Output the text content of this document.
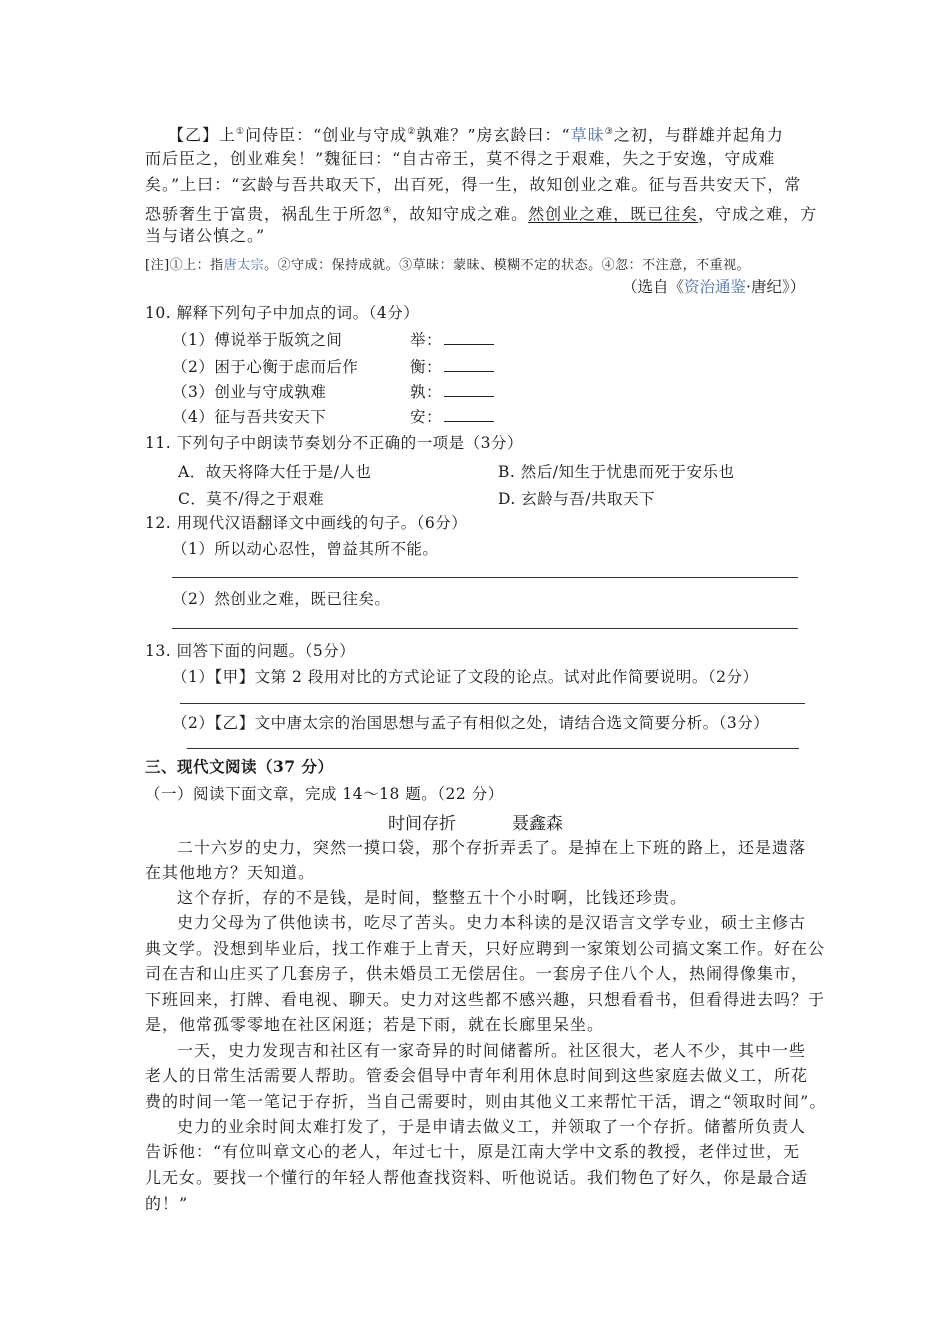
【乙】上①问侍臣：“创业与守成②孰难？”房玄龄曰：“草昧③之初，与群雄并起角力
而后臣之，创业难矣！”魏征曰：“自古帝王，莫不得之于艰难，失之于安逸，守成难
矣。”上曰：“玄龄与吾共取天下，出百死，得一生，故知创业之难。征与吾共安天下，常
恐骄奢生于富贵，祸乱生于所忽④，故知守成之难。然创业之难，既已往矣，守成之难，方
当与诸公慎之。”
[注]①上：指唐太宗。②守成：保持成就。③草昧：蒙昧、模糊不定的状态。④忽：不注意，不重视。
（选自《资治通鉴·唐纪》）
10. 解释下列句子中加点的词。（4分）
（1）傅说举于版筑之间	举：
（2）困于心衡于虑而后作	衡：
（3）创业与守成孰难	孰：
（4）征与吾共安天下	安：
11. 下列句子中朗读节奏划分不正确的一项是（3分）
A．故天将降大任于是/人也	B. 然后/知生于忧患而死于安乐也
C．莫不/得之于艰难	D. 玄龄与吾/共取天下
12. 用现代汉语翻译文中画线的句子。（6分）
（1）所以动心忍性，曾益其所不能。
（2）然创业之难，既已往矣。
13. 回答下面的问题。（5分）
（1）【甲】文第 2 段用对比的方式论证了文段的论点。试对此作简要说明。（2分）
（2）【乙】文中唐太宗的治国思想与孟子有相似之处，请结合选文简要分析。（3分）
三、现代文阅读（37 分）
（一）阅读下面文章，完成 14～18 题。（22 分）
时间存折	聂鑫森
二十六岁的史力，突然一摸口袋，那个存折弄丢了。是掉在上下班的路上，还是遗落
在其他地方？天知道。
这个存折，存的不是钱，是时间，整整五十个小时啊，比钱还珍贵。
史力父母为了供他读书，吃尽了苦头。史力本科读的是汉语言文学专业，硕士主修古
典文学。没想到毕业后，找工作难于上青天，只好应聘到一家策划公司搞文案工作。好在公
司在吉和山庄买了几套房子，供未婚员工无偿居住。一套房子住八个人，热闹得像集市，
下班回来，打牌、看电视、聊天。史力对这些都不感兴趣，只想看看书，但看得进去吗？于
是，他常孤零零地在社区闲逛；若是下雨，就在长廊里呆坐。
一天，史力发现吉和社区有一家奇异的时间储蓄所。社区很大，老人不少，其中一些
老人的日常生活需要人帮助。管委会倡导中青年利用休息时间到这些家庭去做义工，所花
费的时间一笔一笔记于存折，当自己需要时，则由其他义工来帮忙干活，谓之“领取时间”。
史力的业余时间太难打发了，于是申请去做义工，并领取了一个存折。储蓄所负责人
告诉他：“有位叫章文心的老人，年过七十，原是江南大学中文系的教授，老伴过世，无
儿无女。要找一个懂行的年轻人帮他查找资料、听他说话。我们物色了好久，你是最合适
的！”
